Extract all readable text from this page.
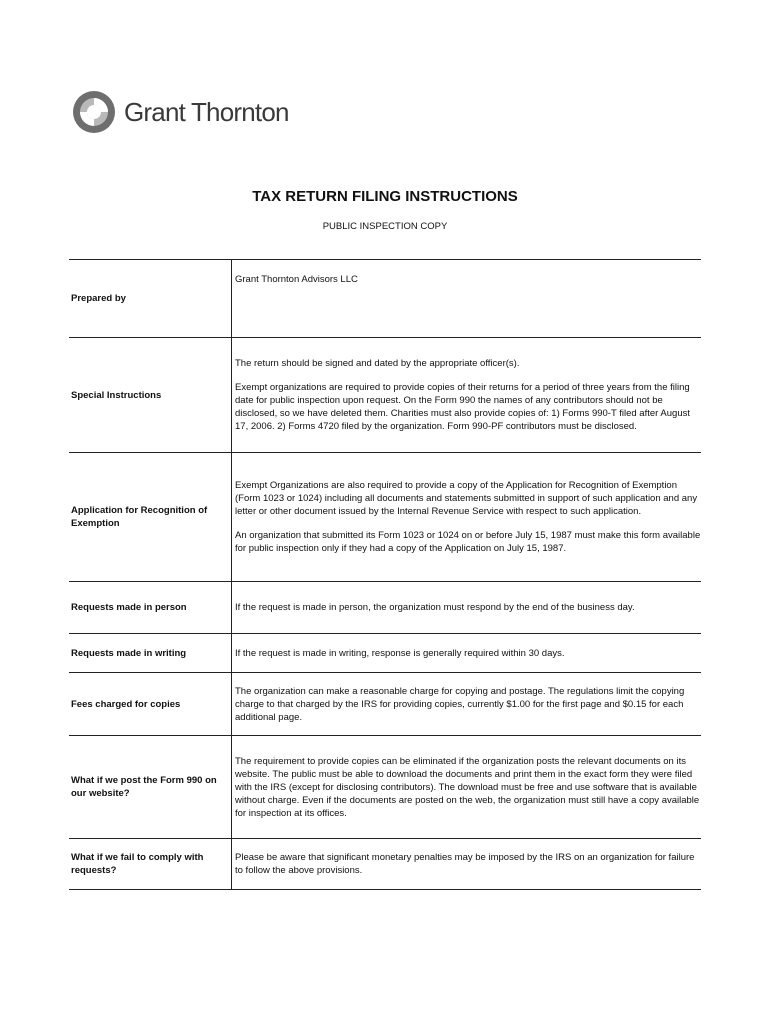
Grant Thornton
TAX RETURN FILING INSTRUCTIONS
PUBLIC INSPECTION COPY
Prepared by	Grant Thornton Advisors LLC

Special Instructions	The return should be signed and dated by the appropriate officer(s).

Exempt organizations are required to provide copies of their returns for a period of three years from the filing date for public inspection upon request. On the Form 990 the names of any contributors should not be disclosed, so we have deleted them. Charities must also provide copies of: 1) Forms 990-T filed after August 17, 2006. 2) Forms 4720 filed by the organization. Form 990-PF contributors must be disclosed.

Application for Recognition of Exemption	Exempt Organizations are also required to provide a copy of the Application for Recognition of Exemption (Form 1023 or 1024) including all documents and statements submitted in support of such application and any letter or other document issued by the Internal Revenue Service with respect to such application.

An organization that submitted its Form 1023 or 1024 on or before July 15, 1987 must make this form available for public inspection only if they had a copy of the Application on July 15, 1987.

Requests made in person	If the request is made in person, the organization must respond by the end of the business day.

Requests made in writing	If the request is made in writing, response is generally required within 30 days.

Fees charged for copies	The organization can make a reasonable charge for copying and postage. The regulations limit the copying charge to that charged by the IRS for providing copies, currently $1.00 for the first page and $0.15 for each additional page.

What if we post the Form 990 on our website?	The requirement to provide copies can be eliminated if the organization posts the relevant documents on its website. The public must be able to download the documents and print them in the exact form they were filed with the IRS (except for disclosing contributors). The download must be free and use software that is available without charge. Even if the documents are posted on the web, the organization must still have a copy available for inspection at its offices.

What if we fail to comply with requests?	Please be aware that significant monetary penalties may be imposed by the IRS on an organization for failure to follow the above provisions.
